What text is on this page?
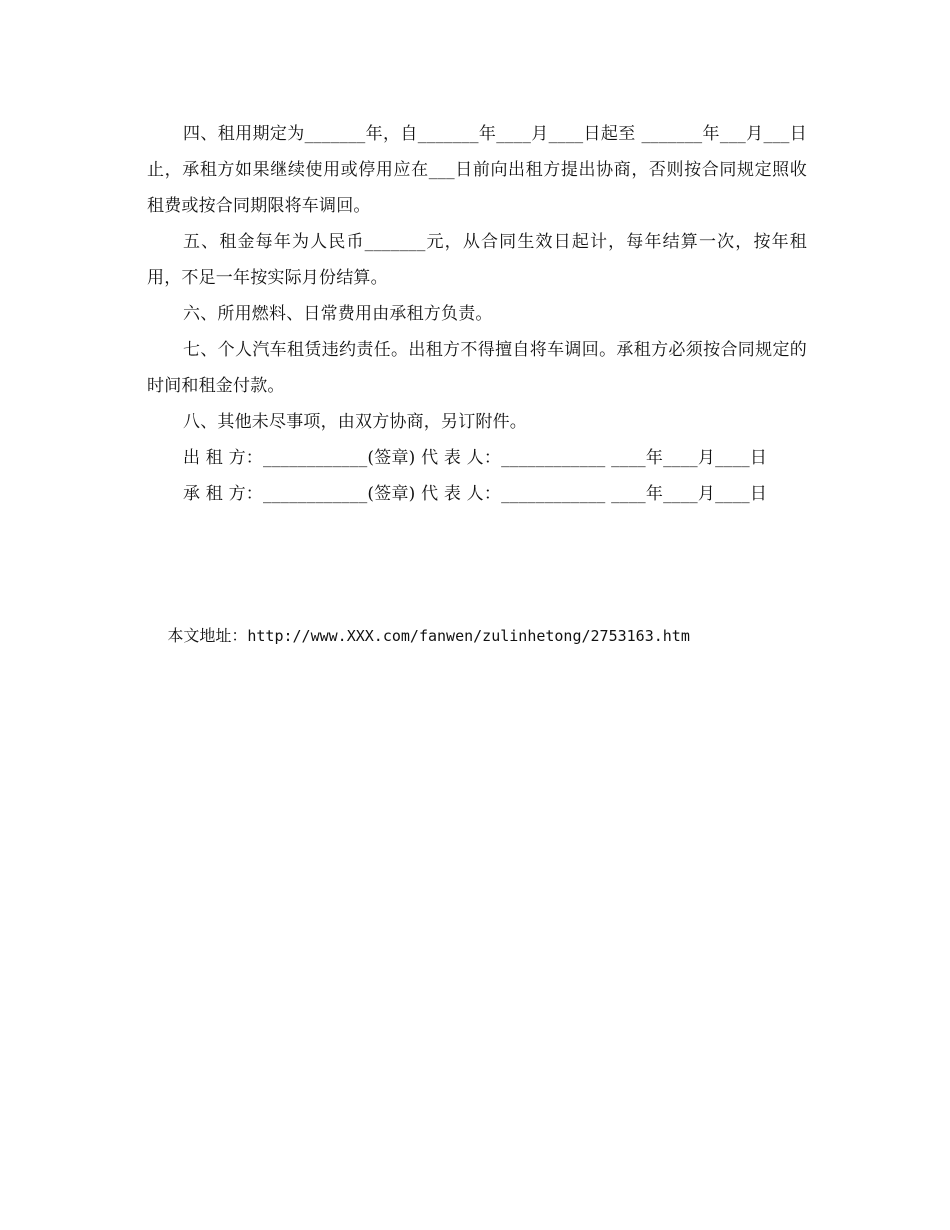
四、租用期定为_______年，自_______年____月____日起至 _______年___月___日止，承租方如果继续使用或停用应在___日前向出租方提出协商，否则按合同规定照收租费或按合同期限将车调回。

五、租金每年为人民币_______元，从合同生效日起计，每年结算一次，按年租用，不足一年按实际月份结算。

六、所用燃料、日常费用由承租方负责。

七、个人汽车租赁违约责任。出租方不得擅自将车调回。承租方必须按合同规定的时间和租金付款。

八、其他未尽事项，由双方协商，另订附件。

出 租 方：____________(签章) 代 表 人：____________ ____年____月____日

承 租 方：____________(签章) 代 表 人：____________ ____年____月____日

本文地址：http://www.XXX.com/fanwen/zulinhetong/2753163.htm
